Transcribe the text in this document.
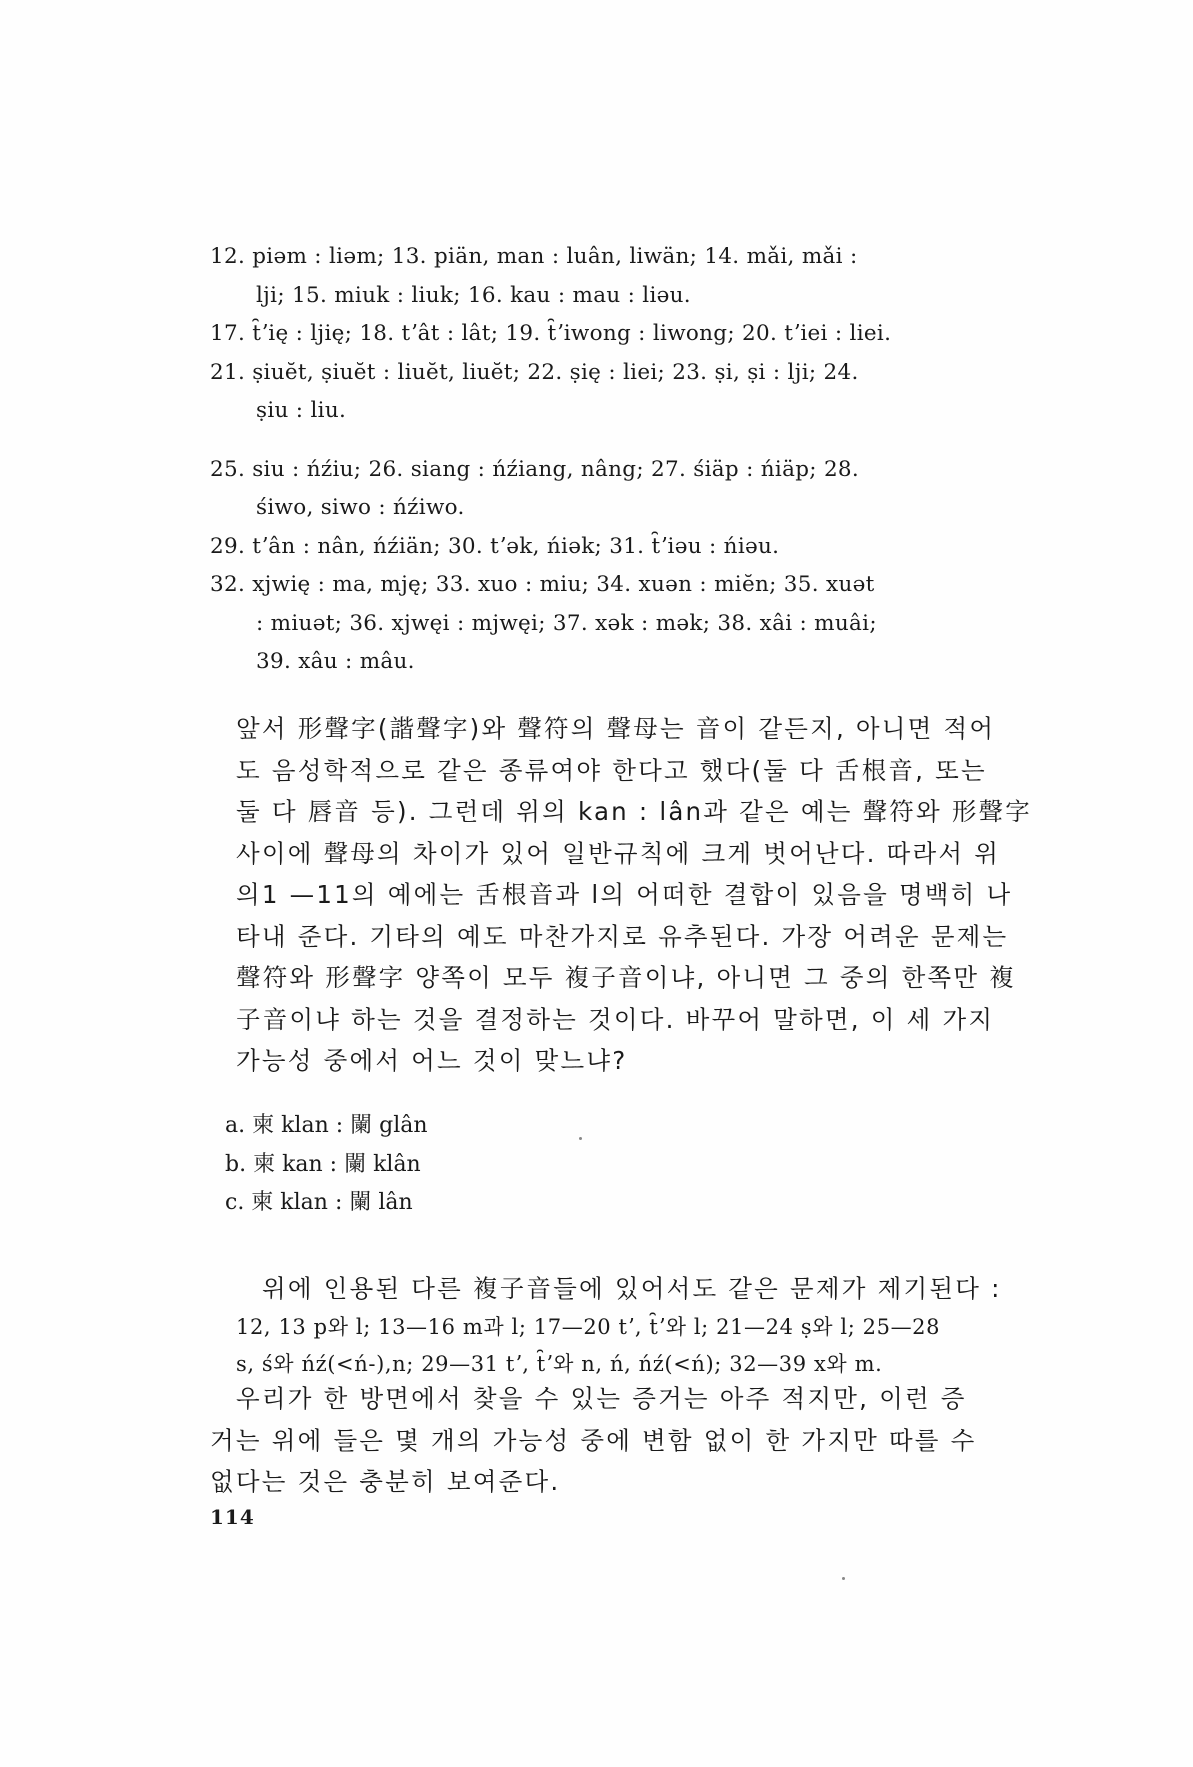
12. piəm : liəm; 13. piän, man : luân, liwän; 14. mǎi, mǎi :
lji; 15. miuk : liuk; 16. kau : mau : liəu.
17. t̑ʼię : ljię; 18. tʼât : lât; 19. t̑ʼiwong : liwong; 20. tʼiei : liei.
21. ṣiuĕt, ṣiuĕt : liuĕt, liuĕt; 22. ṣię : liei; 23. ṣi, ṣi : lji; 24.
ṣiu : liu.
25. siu : ńźiu; 26. siang : ńźiang, nâng; 27. śiäp : ńiäp; 28.
śiwo, siwo : ńźiwo.
29. tʼân : nân, ńźiän; 30. tʼək, ńiək; 31. t̑ʼiəu : ńiəu.
32. xjwię : ma, mję; 33. xuo : miu; 34. xuən : miĕn; 35. xuət
: miuət; 36. xjwęi : mjwęi; 37. xək : mək; 38. xâi : muâi;
39. xâu : mâu.
앞서 形聲字(諧聲字)와 聲符의 聲母는 音이 같든지, 아니면 적어
도 음성학적으로 같은 종류여야 한다고 했다(둘 다 舌根音, 또는
둘 다 唇音 등). 그런데 위의 kan : lân과 같은 예는 聲符와 形聲字
사이에 聲母의 차이가 있어 일반규칙에 크게 벗어난다. 따라서 위
의1 —11의 예에는 舌根音과 l의 어떠한 결합이 있음을 명백히 나
타내 준다. 기타의 예도 마찬가지로 유추된다. 가장 어려운 문제는
聲符와 形聲字 양쪽이 모두 複子音이냐, 아니면 그 중의 한쪽만 複
子音이냐 하는 것을 결정하는 것이다. 바꾸어 말하면, 이 세 가지
가능성 중에서 어느 것이 맞느냐?
a. 柬 klan : 闌 glân
b. 柬 kan : 闌 klân
c. 柬 klan : 闌 lân
위에 인용된 다른 複子音들에 있어서도 같은 문제가 제기된다 :
12, 13 p와 l; 13—16 m과 l; 17—20 tʼ, t̑ʼ와 l; 21—24 ṣ와 l; 25—28
s, ś와 ńź(<ń-),n; 29—31 tʼ, t̑ʼ와 n, ń, ńź(<ń); 32—39 x와 m.
우리가 한 방면에서 찾을 수 있는 증거는 아주 적지만, 이런 증
거는 위에 들은 몇 개의 가능성 중에 변함 없이 한 가지만 따를 수
없다는 것은 충분히 보여준다.
114
